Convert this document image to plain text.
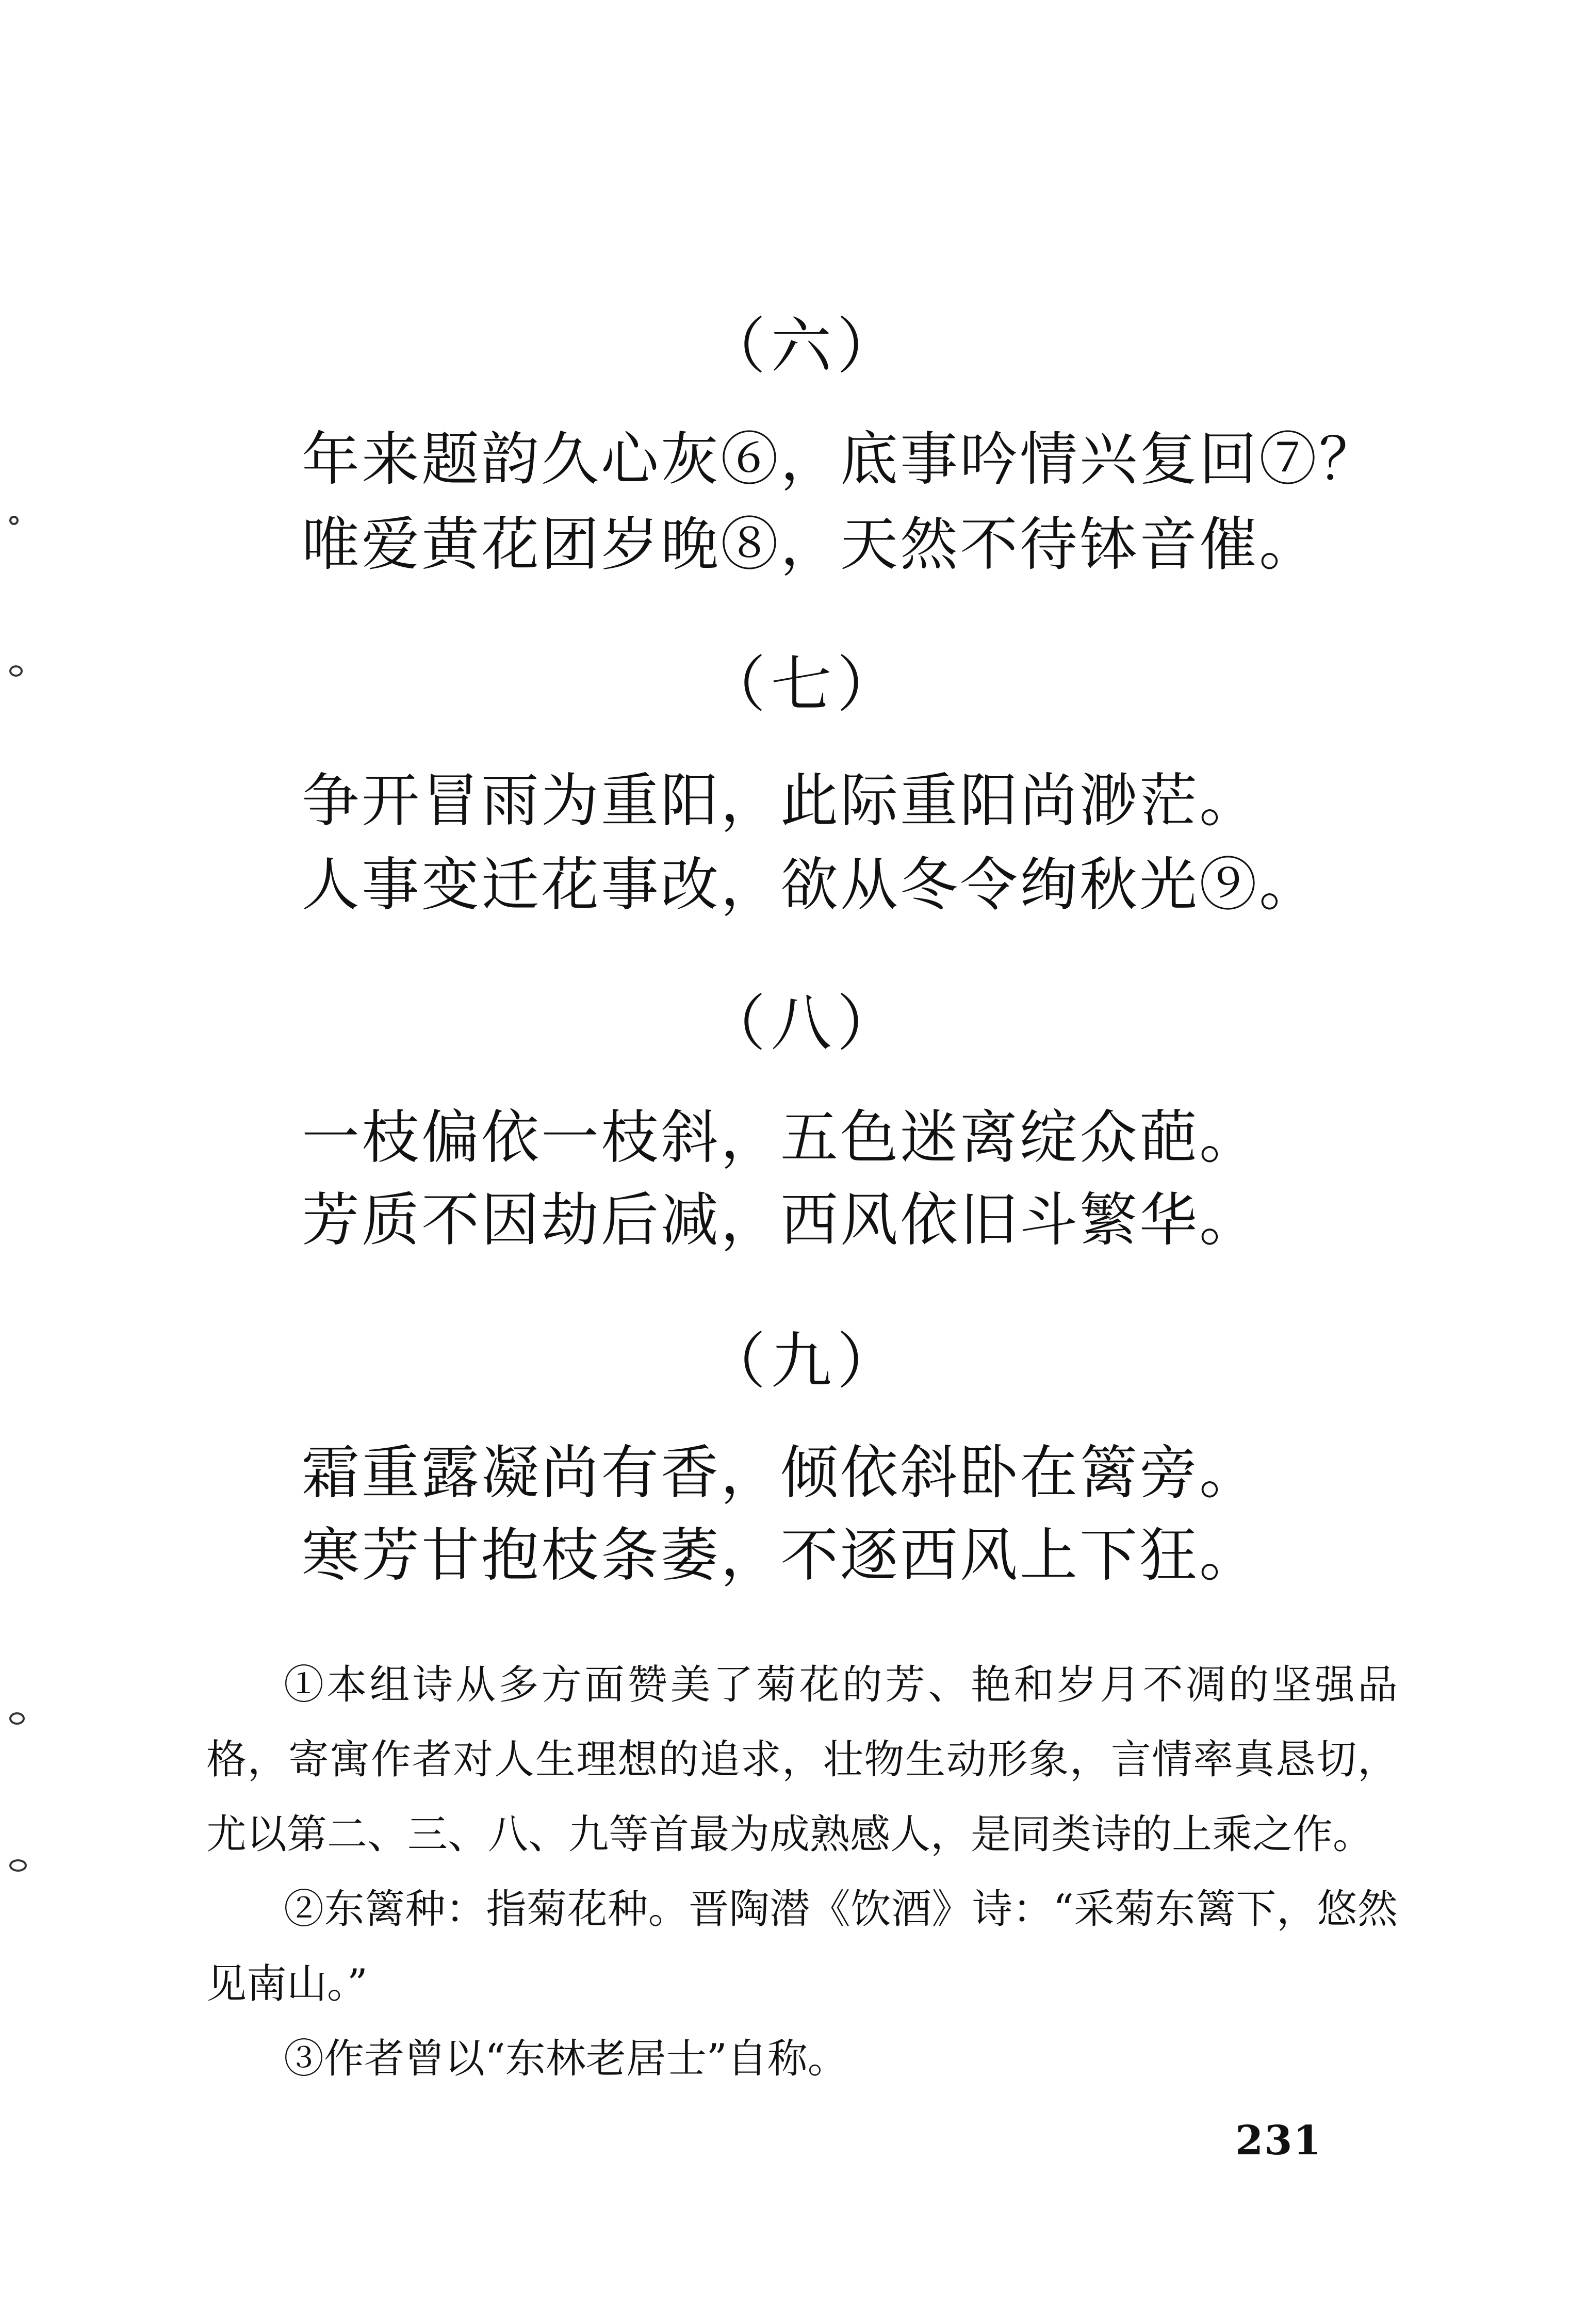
（六）
年来题韵久心灰⑥，底事吟情兴复回⑦？
唯爱黄花团岁晚⑧，天然不待钵音催。
（七）
争开冒雨为重阳，此际重阳尚渺茫。
人事变迁花事改，欲从冬令绚秋光⑨。
（八）
一枝偏依一枝斜，五色迷离绽众葩。
芳质不因劫后减，西风依旧斗繁华。
（九）
霜重露凝尚有香，倾依斜卧在篱旁。
寒芳甘抱枝条萎，不逐西风上下狂。

①本组诗从多方面赞美了菊花的芳、艳和岁月不凋的坚强品格，寄寓作者对人生理想的追求，壮物生动形象，言情率真恳切，尤以第二、三、八、九等首最为成熟感人，是同类诗的上乘之作。

②东篱种：指菊花种。晋陶潜《饮酒》诗：“采菊东篱下，悠然见南山。”

③作者曾以“东林老居士”自称。

231
